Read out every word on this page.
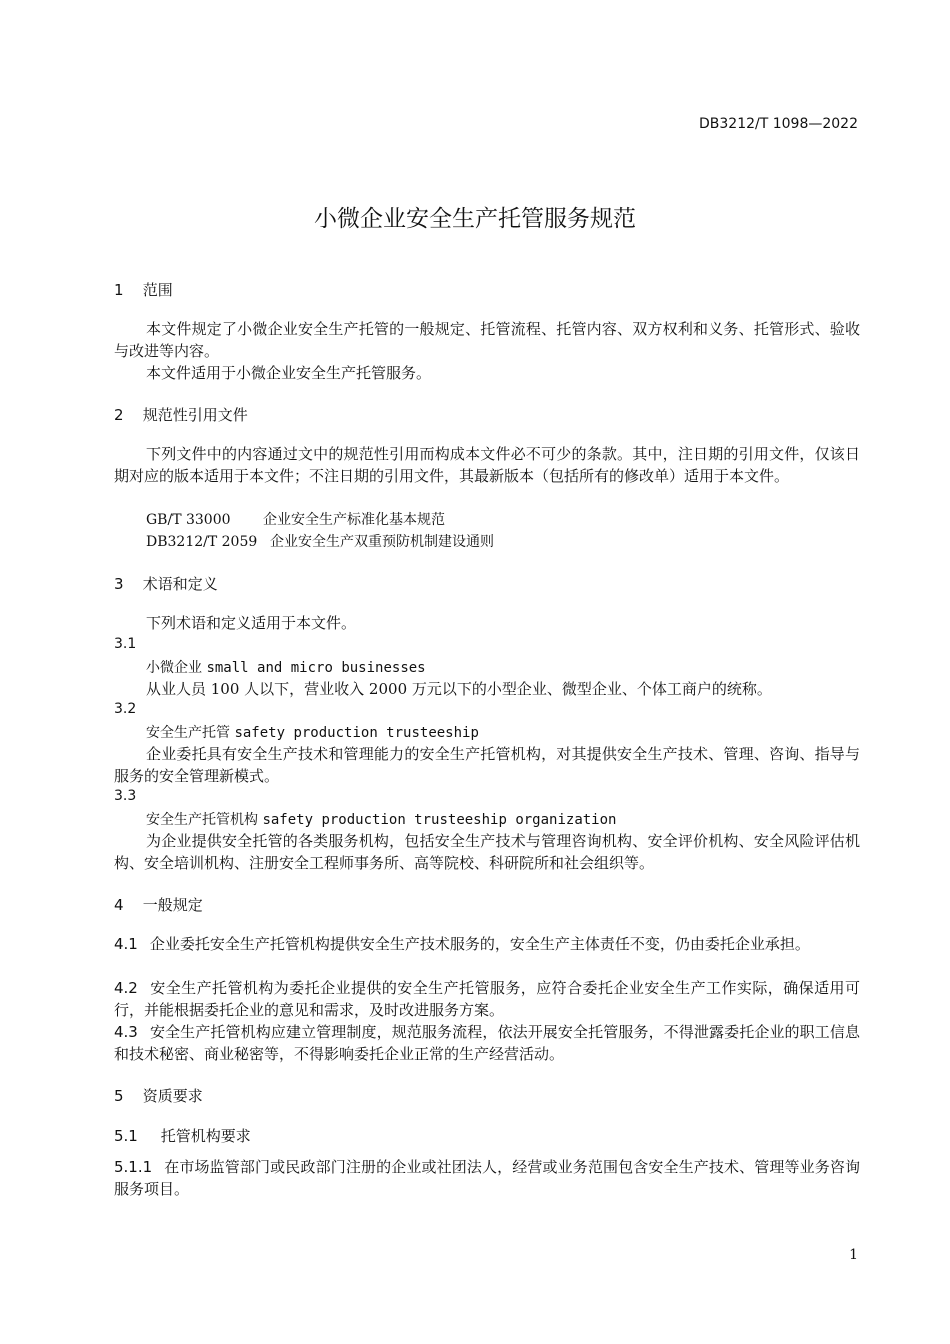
DB3212/T 1098—2022
小微企业安全生产托管服务规范
1 范围
本文件规定了小微企业安全生产托管的一般规定、托管流程、托管内容、双方权利和义务、托管形式、验收与改进等内容。
本文件适用于小微企业安全生产托管服务。
2 规范性引用文件
下列文件中的内容通过文中的规范性引用而构成本文件必不可少的条款。其中，注日期的引用文件，仅该日期对应的版本适用于本文件；不注日期的引用文件，其最新版本（包括所有的修改单）适用于本文件。
GB/T 33000 企业安全生产标准化基本规范
DB3212/T 2059 企业安全生产双重预防机制建设通则
3 术语和定义
下列术语和定义适用于本文件。
3.1
小微企业 small and micro businesses
从业人员 100 人以下，营业收入 2000 万元以下的小型企业、微型企业、个体工商户的统称。
3.2
安全生产托管 safety production trusteeship
企业委托具有安全生产技术和管理能力的安全生产托管机构，对其提供安全生产技术、管理、咨询、指导与服务的安全管理新模式。
3.3
安全生产托管机构 safety production trusteeship organization
为企业提供安全托管的各类服务机构，包括安全生产技术与管理咨询机构、安全评价机构、安全风险评估机构、安全培训机构、注册安全工程师事务所、高等院校、科研院所和社会组织等。
4 一般规定
4.1 企业委托安全生产托管机构提供安全生产技术服务的，安全生产主体责任不变，仍由委托企业承担。
4.2 安全生产托管机构为委托企业提供的安全生产托管服务，应符合委托企业安全生产工作实际，确保适用可行，并能根据委托企业的意见和需求，及时改进服务方案。
4.3 安全生产托管机构应建立管理制度，规范服务流程，依法开展安全托管服务，不得泄露委托企业的职工信息和技术秘密、商业秘密等，不得影响委托企业正常的生产经营活动。
5 资质要求
5.1 托管机构要求
5.1.1 在市场监管部门或民政部门注册的企业或社团法人，经营或业务范围包含安全生产技术、管理等业务咨询服务项目。
1
